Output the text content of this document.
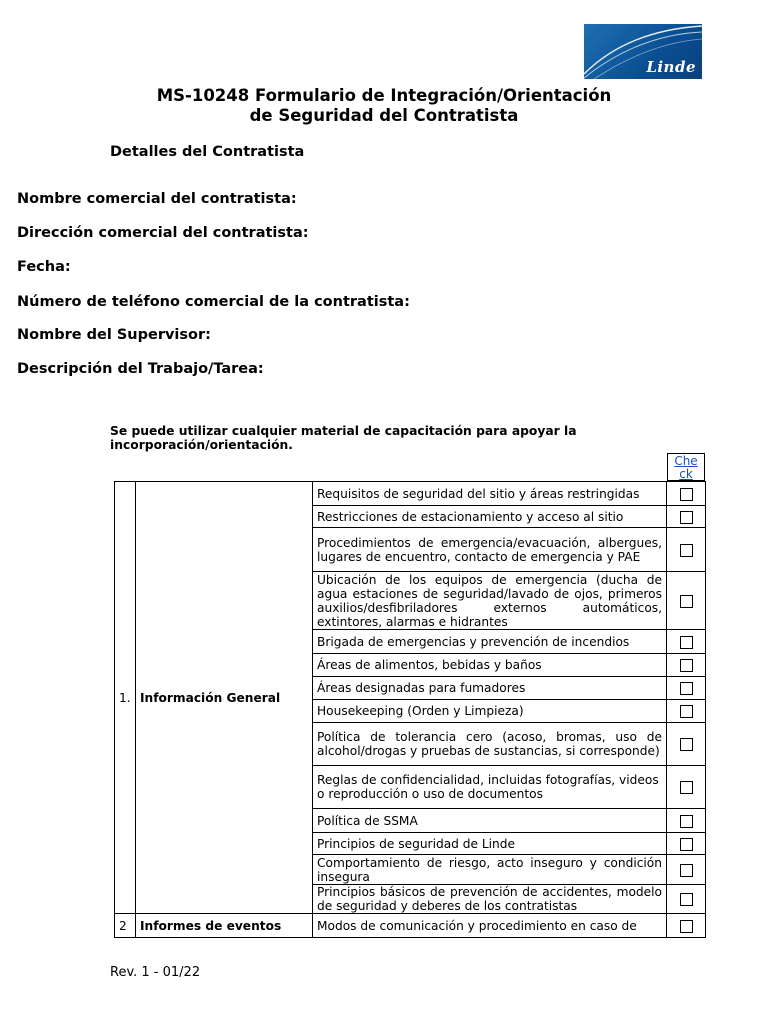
Linde
MS-10248 Formulario de Integración/Orientación
de Seguridad del Contratista
Detalles del Contratista
Nombre comercial del contratista:
Dirección comercial del contratista:
Fecha:
Número de teléfono comercial de la contratista:
Nombre del Supervisor:
Descripción del Trabajo/Tarea:
Se puede utilizar cualquier material de capacitación para apoyar la incorporación/orientación.
Che
ck
1.	Información General	Requisitos de seguridad del sitio y áreas restringidas	
		Restricciones de estacionamiento y acceso al sitio	
		Procedimientos de emergencia/evacuación, albergues, lugares de encuentro, contacto de emergencia y PAE	
		Ubicación de los equipos de emergencia (ducha de agua estaciones de seguridad/lavado de ojos, primeros auxilios/desfibriladores externos automáticos, extintores, alarmas e hidrantes	
		Brigada de emergencias y prevención de incendios	
		Áreas de alimentos, bebidas y baños	
		Áreas designadas para fumadores	
		Housekeeping (Orden y Limpieza)	
		Política de tolerancia cero (acoso, bromas, uso de alcohol/drogas y pruebas de sustancias, si corresponde)	
		Reglas de confidencialidad, incluidas fotografías, videos
o reproducción o uso de documentos	
		Política de SSMA	
		Principios de seguridad de Linde	
		Comportamiento de riesgo, acto inseguro y condición insegura	
		Principios básicos de prevención de accidentes, modelo de seguridad y deberes de los contratistas	
2	Informes de eventos	Modos de comunicación y procedimiento en caso de	
Rev. 1 - 01/22
